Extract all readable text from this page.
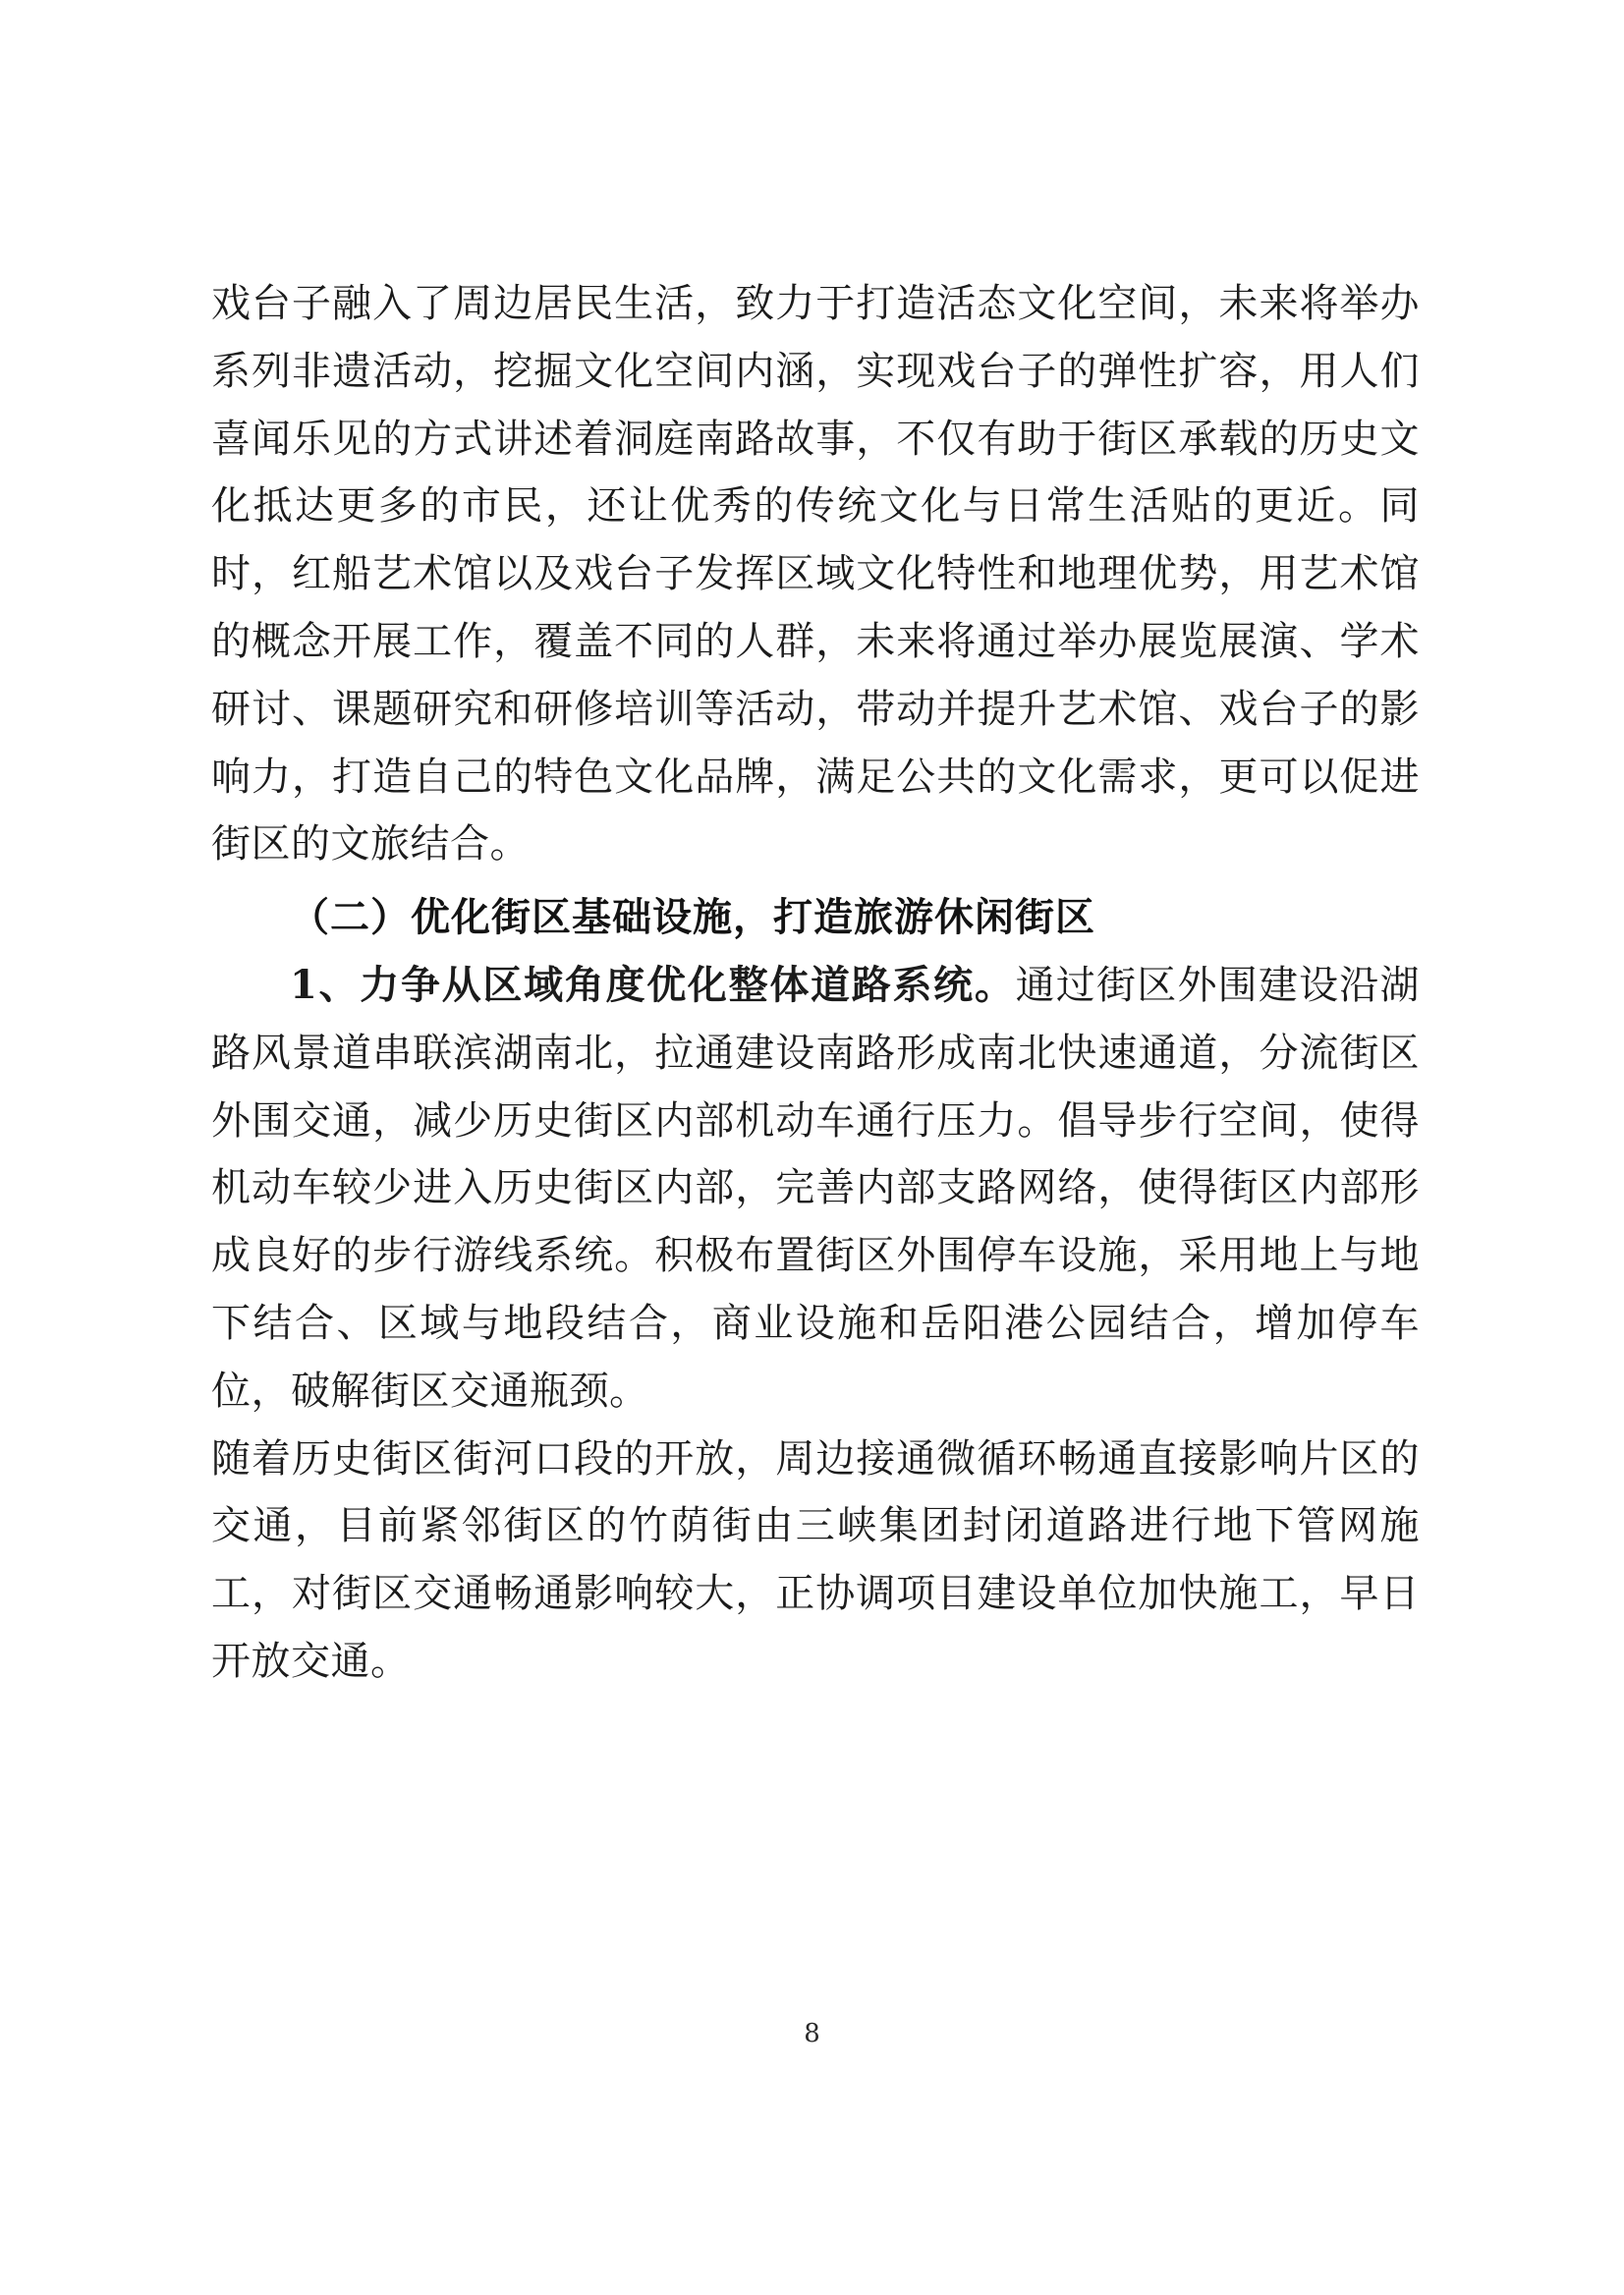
戏台子融入了周边居民生活，致力于打造活态文化空间，未来将举办系列非遗活动，挖掘文化空间内涵，实现戏台子的弹性扩容，用人们喜闻乐见的方式讲述着洞庭南路故事，不仅有助于街区承载的历史文化抵达更多的市民，还让优秀的传统文化与日常生活贴的更近。同时，红船艺术馆以及戏台子发挥区域文化特性和地理优势，用艺术馆的概念开展工作，覆盖不同的人群，未来将通过举办展览展演、学术研讨、课题研究和研修培训等活动，带动并提升艺术馆、戏台子的影响力，打造自己的特色文化品牌，满足公共的文化需求，更可以促进街区的文旅结合。

（二）优化街区基础设施，打造旅游休闲街区

1、力争从区域角度优化整体道路系统。通过街区外围建设沿湖路风景道串联滨湖南北，拉通建设南路形成南北快速通道，分流街区外围交通，减少历史街区内部机动车通行压力。倡导步行空间，使得机动车较少进入历史街区内部，完善内部支路网络，使得街区内部形成良好的步行游线系统。积极布置街区外围停车设施，采用地上与地下结合、区域与地段结合，商业设施和岳阳港公园结合，增加停车位，破解街区交通瓶颈。

随着历史街区街河口段的开放，周边接通微循环畅通直接影响片区的交通，目前紧邻街区的竹荫街由三峡集团封闭道路进行地下管网施工，对街区交通畅通影响较大，正协调项目建设单位加快施工，早日开放交通。

8
